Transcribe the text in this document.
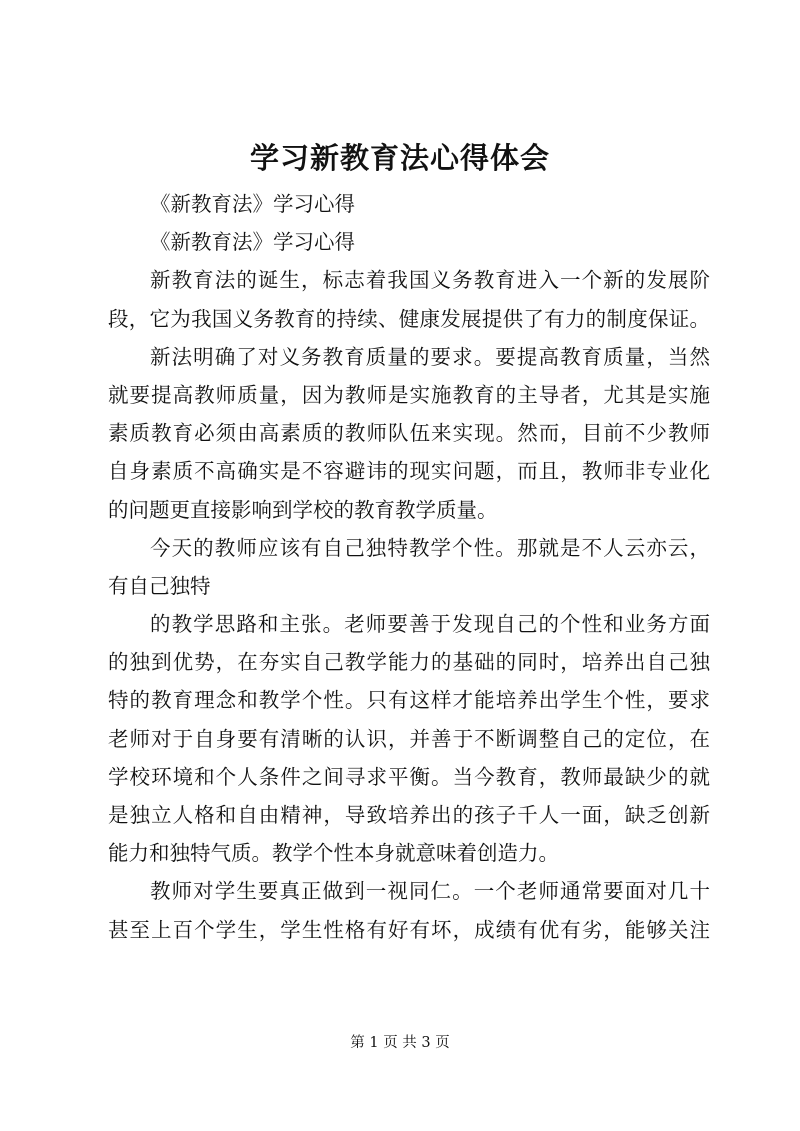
学习新教育法心得体会
《新教育法》学习心得
《新教育法》学习心得
新教育法的诞生，标志着我国义务教育进入一个新的发展阶
段，它为我国义务教育的持续、健康发展提供了有力的制度保证。
新法明确了对义务教育质量的要求。要提高教育质量，当然
就要提高教师质量，因为教师是实施教育的主导者，尤其是实施
素质教育必须由高素质的教师队伍来实现。然而，目前不少教师
自身素质不高确实是不容避讳的现实问题，而且，教师非专业化
的问题更直接影响到学校的教育教学质量。
今天的教师应该有自己独特教学个性。那就是不人云亦云，
有自己独特
的教学思路和主张。老师要善于发现自己的个性和业务方面
的独到优势，在夯实自己教学能力的基础的同时，培养出自己独
特的教育理念和教学个性。只有这样才能培养出学生个性，要求
老师对于自身要有清晰的认识，并善于不断调整自己的定位，在
学校环境和个人条件之间寻求平衡。当今教育，教师最缺少的就
是独立人格和自由精神，导致培养出的孩子千人一面，缺乏创新
能力和独特气质。教学个性本身就意味着创造力。
教师对学生要真正做到一视同仁。一个老师通常要面对几十
甚至上百个学生，学生性格有好有坏，成绩有优有劣，能够关注
第 1 页 共 3 页
